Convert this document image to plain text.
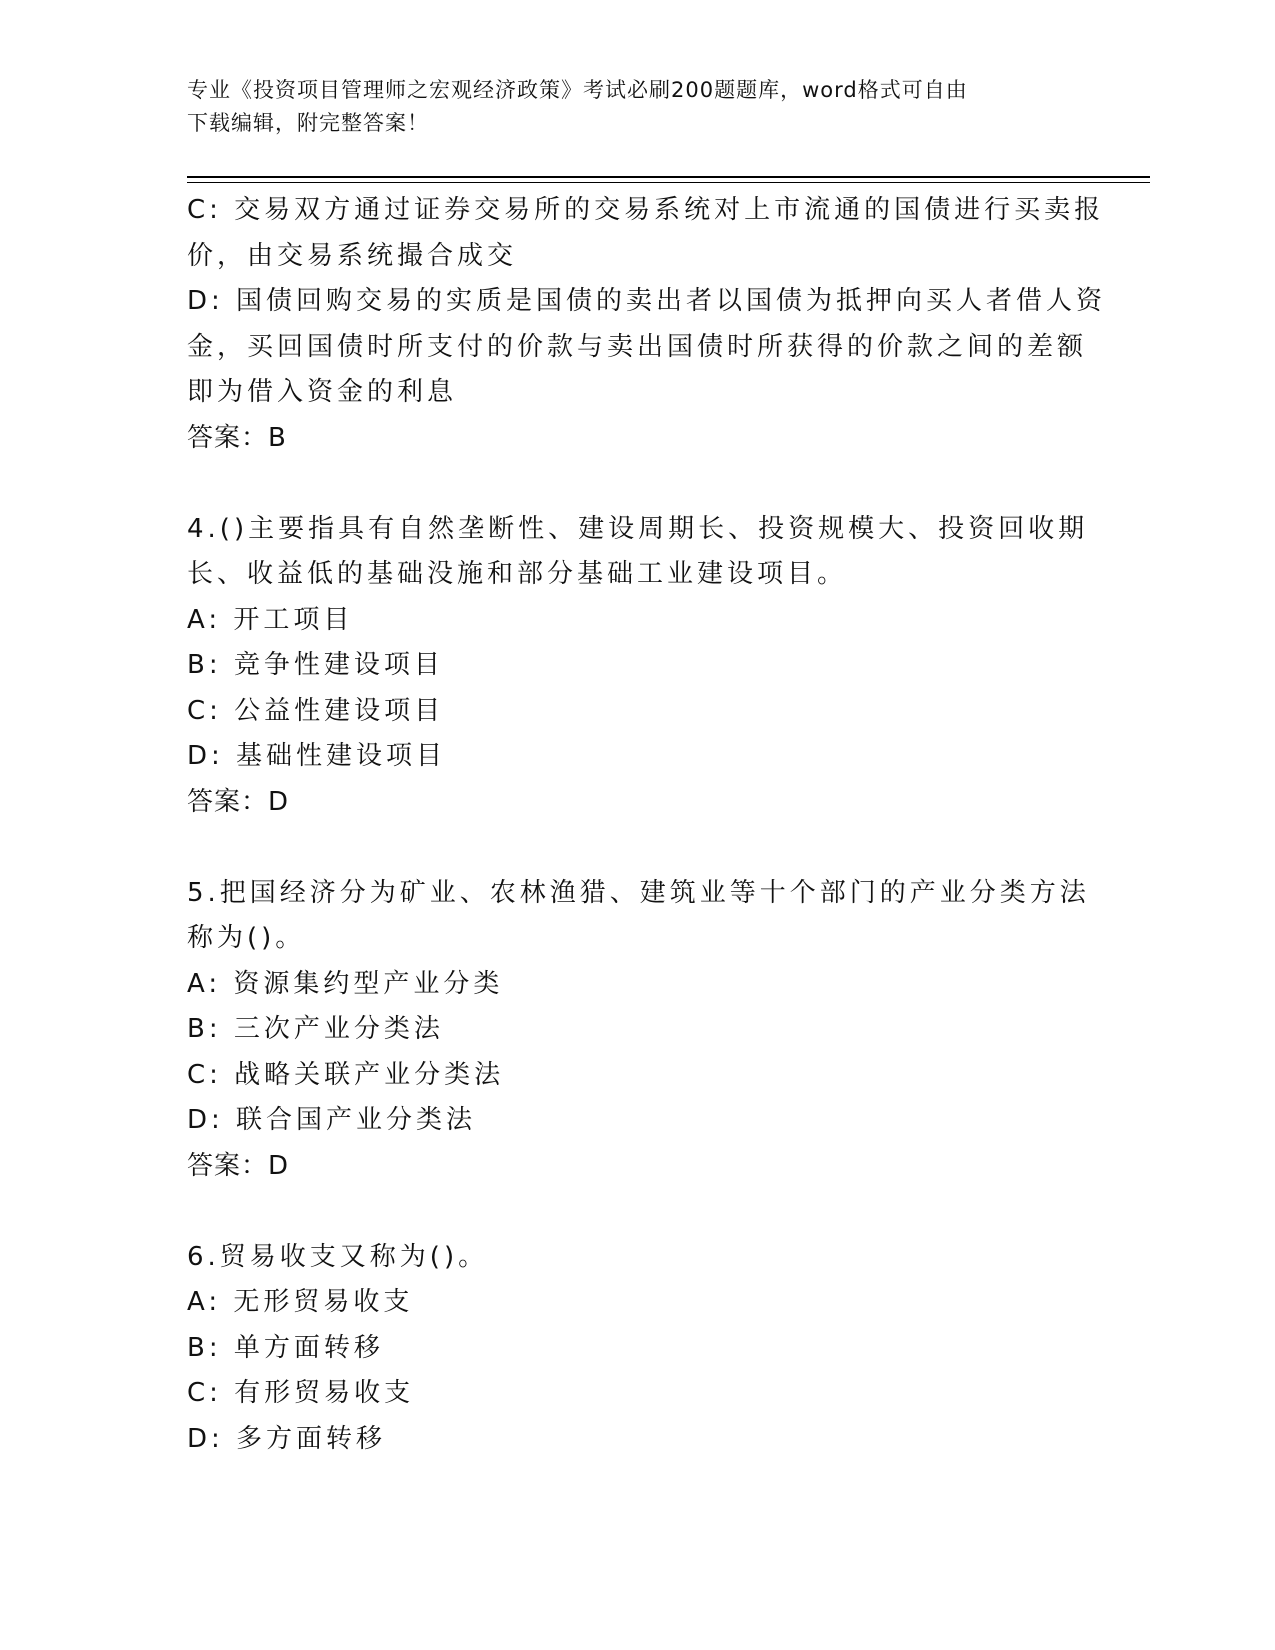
专业《投资项目管理师之宏观经济政策》考试必刷200题题库，word格式可自由
下载编辑，附完整答案！
C: 交易双方通过证券交易所的交易系统对上市流通的国债进行买卖报
价，由交易系统撮合成交
D: 国债回购交易的实质是国债的卖出者以国债为抵押向买人者借人资
金，买回国债时所支付的价款与卖出国债时所获得的价款之间的差额
即为借入资金的利息
答案：B
4.()主要指具有自然垄断性、建设周期长、投资规模大、投资回收期
长、收益低的基础没施和部分基础工业建设项目。
A: 开工项目
B: 竞争性建设项目
C: 公益性建设项目
D: 基础性建设项目
答案：D
5.把国经济分为矿业、农林渔猎、建筑业等十个部门的产业分类方法
称为()。
A: 资源集约型产业分类
B: 三次产业分类法
C: 战略关联产业分类法
D: 联合国产业分类法
答案：D
6.贸易收支又称为()。
A: 无形贸易收支
B: 单方面转移
C: 有形贸易收支
D: 多方面转移
